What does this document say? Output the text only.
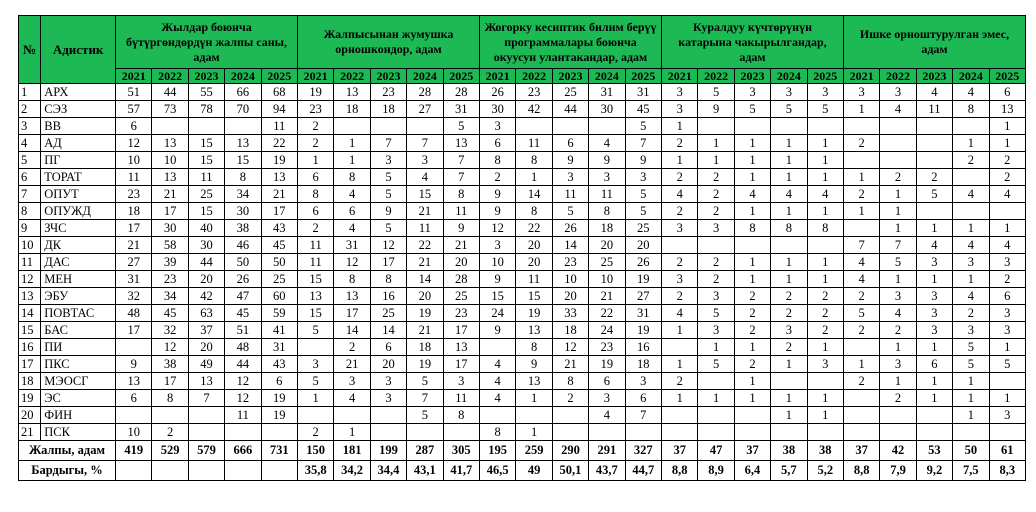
№	Адистик	Жылдар боюнча бүтүргөндөрдүн жалпы саны, адам					Жалпысынан жумушка орношкондор, адам					Жогорку кесиптик билим берүү программалары боюнча окуусун улантакандар, адам					Куралдуу күчтөрүнүн катарына чакырылгандар, адам					Ишке орноштурулган эмес, адам				
		2021	2022	2023	2024	2025	2021	2022	2023	2024	2025	2021	2022	2023	2024	2025	2021	2022	2023	2024	2025	2021	2022	2023	2024	2025
1	АРХ	51	44	55	66	68	19	13	23	28	28	26	23	25	31	31	3	5	3	3	3	3	3	4	4	6
2	СЭЗ	57	73	78	70	94	23	18	18	27	31	30	42	44	30	45	3	9	5	5	5	1	4	11	8	13
3	ВВ	6				11	2				5	3				5	1									1
4	АД	12	13	15	13	22	2	1	7	7	13	6	11	6	4	7	2	1	1	1	1	2			1	1
5	ПГ	10	10	15	15	19	1	1	3	3	7	8	8	9	9	9	1	1	1	1	1				2	2
6	ТОРАТ	11	13	11	8	13	6	8	5	4	7	2	1	3	3	3	2	2	1	1	1	1	2	2		2
7	ОПУТ	23	21	25	34	21	8	4	5	15	8	9	14	11	11	5	4	2	4	4	4	2	1	5	4	4
8	ОПУЖД	18	17	15	30	17	6	6	9	21	11	9	8	5	8	5	2	2	1	1	1	1	1			
9	ЗЧС	17	30	40	38	43	2	4	5	11	9	12	22	26	18	25	3	3	8	8	8		1	1	1	1
10	ДК	21	58	30	46	45	11	31	12	22	21	3	20	14	20	20						7	7	4	4	4
11	ДАС	27	39	44	50	50	11	12	17	21	20	10	20	23	25	26	2	2	1	1	1	4	5	3	3	3
12	МЕН	31	23	20	26	25	15	8	8	14	28	9	11	10	10	19	3	2	1	1	1	4	1	1	1	2
13	ЭБУ	32	34	42	47	60	13	13	16	20	25	15	15	20	21	27	2	3	2	2	2	2	3	3	4	6
14	ПОВТАС	48	45	63	45	59	15	17	25	19	23	24	19	33	22	31	4	5	2	2	2	5	4	3	2	3
15	БАС	17	32	37	51	41	5	14	14	21	17	9	13	18	24	19	1	3	2	3	2	2	2	3	3	3
16	ПИ		12	20	48	31		2	6	18	13		8	12	23	16		1	1	2	1		1	1	5	1
17	ПКС	9	38	49	44	43	3	21	20	19	17	4	9	21	19	18	1	5	2	1	3	1	3	6	5	5
18	МЭОСГ	13	17	13	12	6	5	3	3	5	3	4	13	8	6	3	2		1			2	1	1	1	
19	ЭС	6	8	7	12	19	1	4	3	7	11	4	1	2	3	6	1	1	1	1	1		2	1	1	1
20	ФИН				11	19				5	8				4	7				1	1				1	3
21	ПСК	10	2				2	1				8	1													
Жалпы, адам		419	529	579	666	731	150	181	199	287	305	195	259	290	291	327	37	47	37	38	38	37	42	53	50	61
Бардыгы, %							35,8	34,2	34,4	43,1	41,7	46,5	49	50,1	43,7	44,7	8,8	8,9	6,4	5,7	5,2	8,8	7,9	9,2	7,5	8,3
